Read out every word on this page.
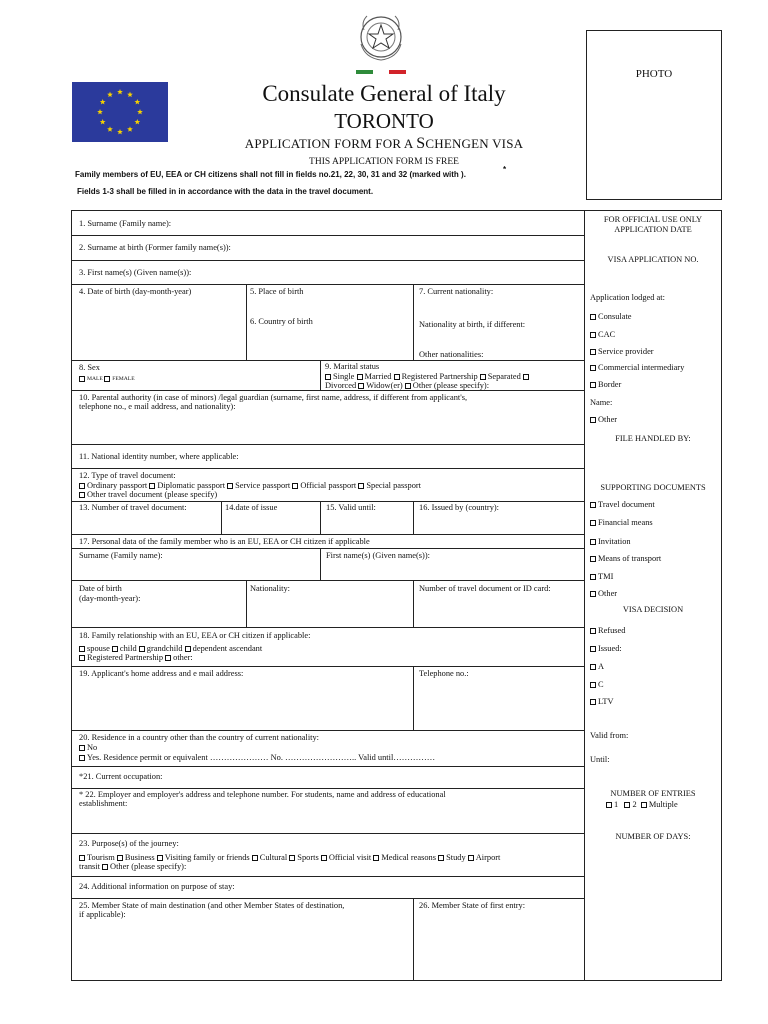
Consulate General of Italy
TORONTO
APPLICATION FORM FOR A SCHENGEN VISA
THIS APPLICATION FORM IS FREE
Family members of EU, EEA or CH citizens shall not fill in fields no.21, 22, 30, 31 and 32 (marked with ).
*
Fields 1-3 shall be filled in in accordance with the data in the travel document.
PHOTO
1. Surname (Family name):
2. Surname at birth (Former family name(s)):
3. First name(s) (Given name(s)):
4. Date of birth (day-month-year)	5. Place of birth
6. Country of birth
7. Current nationality:
Nationality at birth, if different:
Other nationalities:
8. Sex
MALE FEMALE
9. Marital status
Single Married Registered Partnership Separated
Divorced Widow(er) Other (please specify):
10. Parental authority (in case of minors) /legal guardian (surname, first name, address, if different from applicant's,
telephone no., e mail address, and nationality):
11. National identity number, where applicable:
12. Type of travel document:
Ordinary passport Diplomatic passport Service passport Official passport Special passport
Other travel document (please specify)
13. Number of travel document:	14.date of issue	15. Valid until:	16. Issued by (country):
17. Personal data of the family member who is an EU, EEA or CH citizen if applicable
Surname (Family name):	First name(s) (Given name(s)):
Date of birth
(day-month-year):
Nationality:	Number of travel document or ID card:
18. Family relationship with an EU, EEA or CH citizen if applicable:
spouse child grandchild dependent ascendant
Registered Partnership other:
19. Applicant's home address and e mail address:	Telephone no.:
20. Residence in a country other than the country of current nationality:
No
Yes. Residence permit or equivalent ………………… No. …………………….. Valid until……………
*21. Current occupation:
* 22. Employer and employer's address and telephone number. For students, name and address of educational
establishment:
23. Purpose(s) of the journey:
Tourism Business Visiting family or friends Cultural Sports Official visit Medical reasons Study Airport
transit Other (please specify):
24. Additional information on purpose of stay:
25. Member State of main destination (and other Member States of destination,
if applicable):
26. Member State of first entry:
FOR OFFICIAL USE ONLY
APPLICATION DATE
VISA APPLICATION NO.
Application lodged at:
Consulate
CAC
Service provider
Commercial intermediary
Border
Name:
Other
FILE HANDLED BY:
SUPPORTING DOCUMENTS
Travel document
Financial means
Invitation
Means of transport
TMI
Other
VISA DECISION
Refused
Issued:
A
C
LTV
Valid from:
Until:
NUMBER OF ENTRIES
1 2 Multiple
NUMBER OF DAYS:
